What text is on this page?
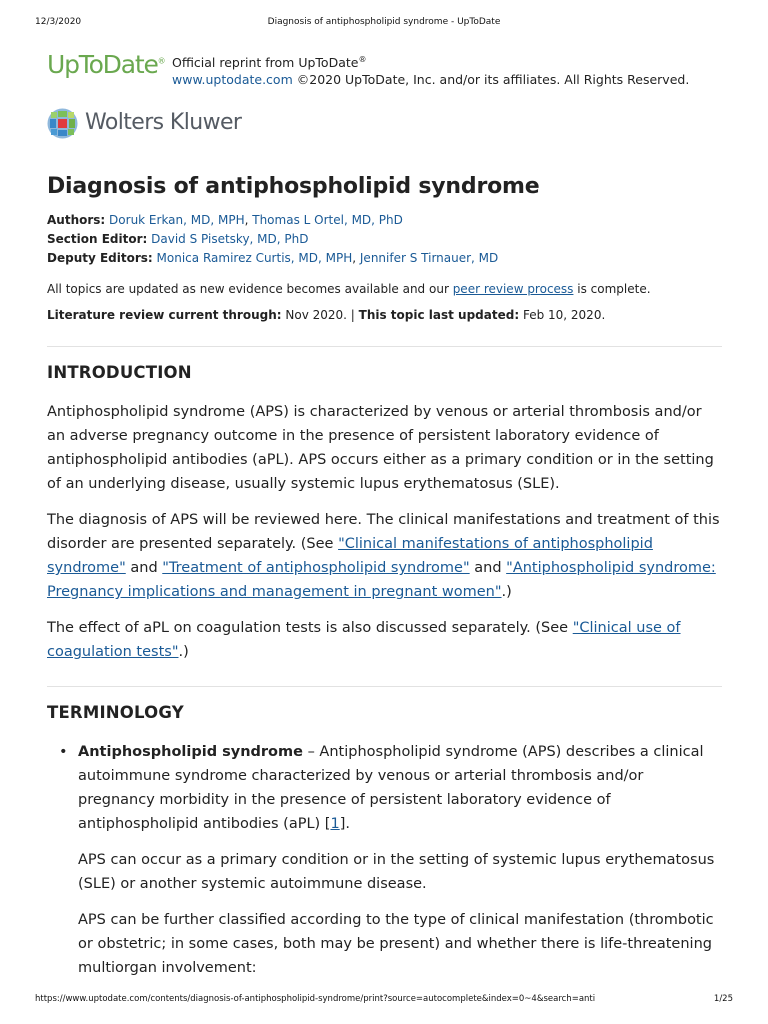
12/3/2020	Diagnosis of antiphospholipid syndrome - UpToDate
UpToDate® Official reprint from UpToDate®
www.uptodate.com ©2020 UpToDate, Inc. and/or its affiliates. All Rights Reserved.
Wolters Kluwer
Diagnosis of antiphospholipid syndrome
Authors: Doruk Erkan, MD, MPH, Thomas L Ortel, MD, PhD
Section Editor: David S Pisetsky, MD, PhD
Deputy Editors: Monica Ramirez Curtis, MD, MPH, Jennifer S Tirnauer, MD
All topics are updated as new evidence becomes available and our peer review process is complete.
Literature review current through: Nov 2020. | This topic last updated: Feb 10, 2020.
INTRODUCTION

Antiphospholipid syndrome (APS) is characterized by venous or arterial thrombosis and/or an adverse pregnancy outcome in the presence of persistent laboratory evidence of antiphospholipid antibodies (aPL). APS occurs either as a primary condition or in the setting of an underlying disease, usually systemic lupus erythematosus (SLE).

The diagnosis of APS will be reviewed here. The clinical manifestations and treatment of this disorder are presented separately. (See "Clinical manifestations of antiphospholipid syndrome" and "Treatment of antiphospholipid syndrome" and "Antiphospholipid syndrome: Pregnancy implications and management in pregnant women".)

The effect of aPL on coagulation tests is also discussed separately. (See "Clinical use of coagulation tests".)

TERMINOLOGY
• Antiphospholipid syndrome – Antiphospholipid syndrome (APS) describes a clinical autoimmune syndrome characterized by venous or arterial thrombosis and/or pregnancy morbidity in the presence of persistent laboratory evidence of antiphospholipid antibodies (aPL) [1].
APS can occur as a primary condition or in the setting of systemic lupus erythematosus (SLE) or another systemic autoimmune disease.
APS can be further classified according to the type of clinical manifestation (thrombotic or obstetric; in some cases, both may be present) and whether there is life-threatening multiorgan involvement:
https://www.uptodate.com/contents/diagnosis-of-antiphospholipid-syndrome/print?source=autocomplete&index=0~4&search=anti	1/25
